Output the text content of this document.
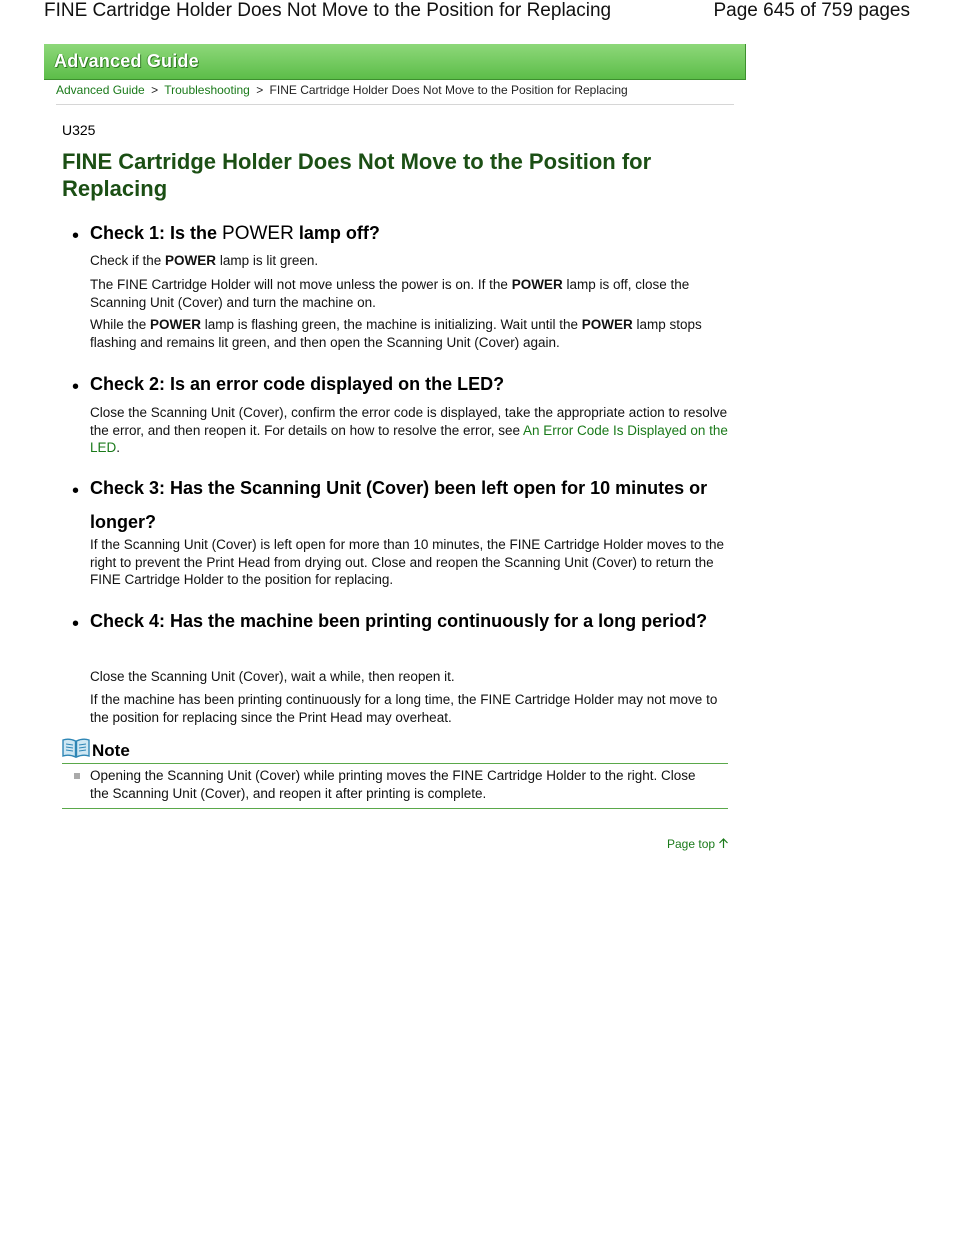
FINE Cartridge Holder Does Not Move to the Position for Replacing	Page 645 of 759 pages
Advanced Guide
Advanced Guide > Troubleshooting > FINE Cartridge Holder Does Not Move to the Position for Replacing
U325
FINE Cartridge Holder Does Not Move to the Position for Replacing
• Check 1: Is the POWER lamp off?
Check if the POWER lamp is lit green.
The FINE Cartridge Holder will not move unless the power is on. If the POWER lamp is off, close the Scanning Unit (Cover) and turn the machine on.
While the POWER lamp is flashing green, the machine is initializing. Wait until the POWER lamp stops flashing and remains lit green, and then open the Scanning Unit (Cover) again.
• Check 2: Is an error code displayed on the LED?
Close the Scanning Unit (Cover), confirm the error code is displayed, take the appropriate action to resolve the error, and then reopen it. For details on how to resolve the error, see An Error Code Is Displayed on the LED.
• Check 3: Has the Scanning Unit (Cover) been left open for 10 minutes or longer?
If the Scanning Unit (Cover) is left open for more than 10 minutes, the FINE Cartridge Holder moves to the right to prevent the Print Head from drying out. Close and reopen the Scanning Unit (Cover) to return the FINE Cartridge Holder to the position for replacing.
• Check 4: Has the machine been printing continuously for a long period?
Close the Scanning Unit (Cover), wait a while, then reopen it.
If the machine has been printing continuously for a long time, the FINE Cartridge Holder may not move to the position for replacing since the Print Head may overheat.
Note
Opening the Scanning Unit (Cover) while printing moves the FINE Cartridge Holder to the right. Close the Scanning Unit (Cover), and reopen it after printing is complete.
Page top
